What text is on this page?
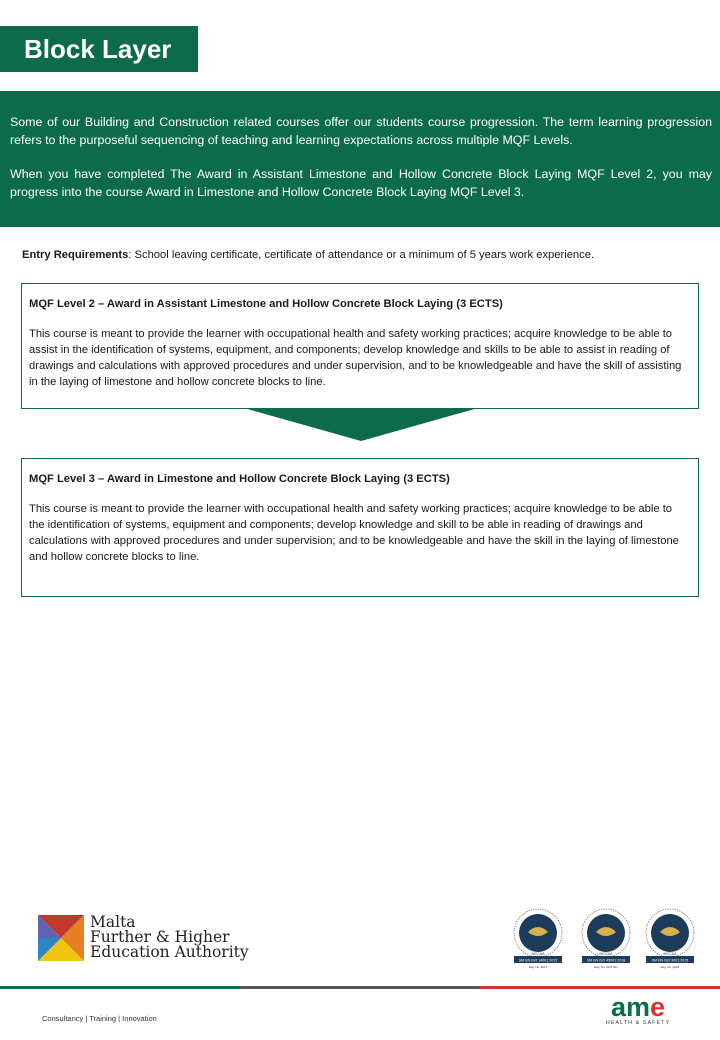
Block Layer

Some of our Building and Construction related courses offer our students course progression. The term learning progression refers to the purposeful sequencing of teaching and learning expectations across multiple MQF Levels.

When you have completed The Award in Assistant Limestone and Hollow Concrete Block Laying MQF Level 2, you may progress into the course Award in Limestone and Hollow Concrete Block Laying MQF Level 3.

Entry Requirements: School leaving certificate, certificate of attendance or a minimum of 5 years work experience.
MQF Level 2 – Award in Assistant Limestone and Hollow Concrete Block Laying (3 ECTS)

This course is meant to provide the learner with occupational health and safety working practices; acquire knowledge to be able to assist in the identification of systems, equipment, and components; develop knowledge and skills to be able to assist in reading of drawings and calculations with approved procedures and under supervision, and to be knowledgeable and have the skill of assisting in the laying of limestone and hollow concrete blocks to line.

MQF Level 3 – Award in Limestone and Hollow Concrete Block Laying (3 ECTS)

This course is meant to provide the learner with occupational health and safety working practices; acquire knowledge to be able to the identification of systems, equipment and components; develop knowledge and skill to be able in reading of drawings and calculations with approved procedures and under supervision; and to be knowledgeable and have the skill in the laying of limestone and hollow concrete blocks to line.

Malta
Further & Higher
Education Authority	SM EN ISO 14001:2015
MCCAA
Reg. No. E027
SM EN ISO 45001:2018
MCCAA
Reg. No. OHS 001
SM EN ISO 9001:2015
MCCAA
Reg. No. Q052
Consultancy | Training | Innovation	ame
HEALTH & SAFETY
